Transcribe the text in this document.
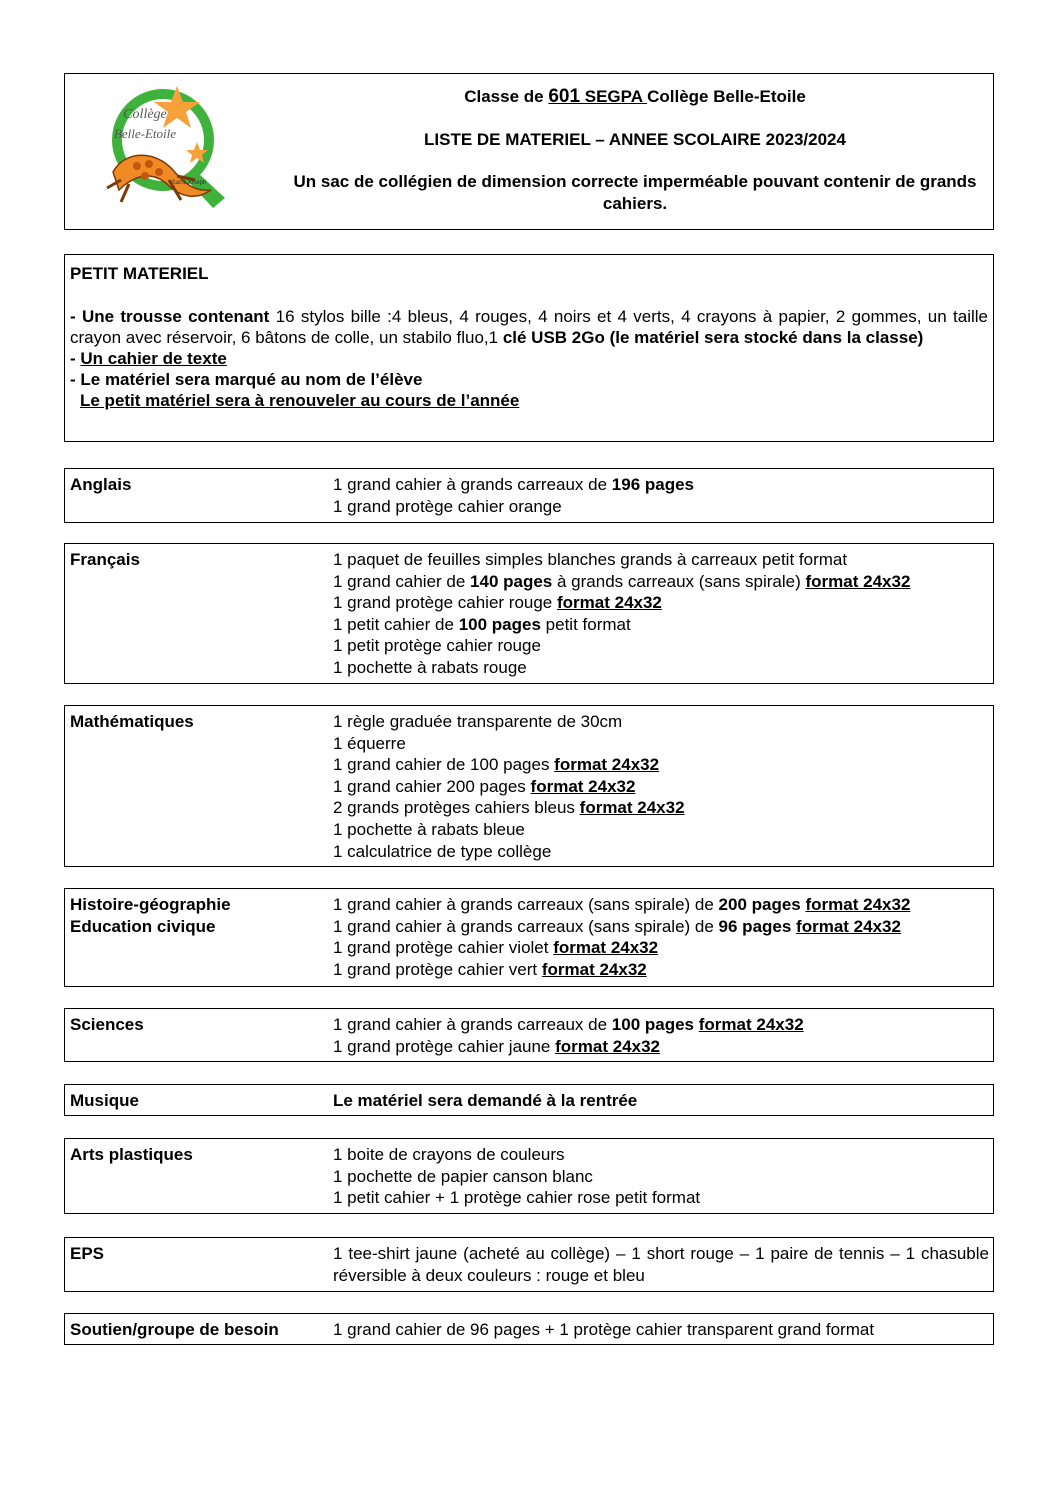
Collège
Belle-Etoile
Saint Joseph
Classe de 601 SEGPA Collège Belle-Etoile
LISTE DE MATERIEL – ANNEE SCOLAIRE 2023/2024
Un sac de collégien de dimension correcte imperméable pouvant contenir de grands cahiers.

PETIT MATERIEL

- Une trousse contenant 16 stylos bille :4 bleus, 4 rouges, 4 noirs et 4 verts, 4 crayons à papier, 2 gommes, un taille crayon avec réservoir, 6 bâtons de colle, un stabilo fluo,1 clé USB 2Go (le matériel sera stocké dans la classe)

- Un cahier de texte

- Le matériel sera marqué au nom de l’élève

Le petit matériel sera à renouveler au cours de l’année

Anglais	1 grand cahier à grands carreaux de 196 pages
1 grand protège cahier orange
Français	1 paquet de feuilles simples blanches grands à carreaux petit format
1 grand cahier de 140 pages à grands carreaux (sans spirale) format 24x32
1 grand protège cahier rouge format 24x32
1 petit cahier de 100 pages petit format
1 petit protège cahier rouge
1 pochette à rabats rouge
Mathématiques	1 règle graduée transparente de 30cm
1 équerre
1 grand cahier de 100 pages format 24x32
1 grand cahier 200 pages format 24x32
2 grands protèges cahiers bleus format 24x32
1 pochette à rabats bleue
1 calculatrice de type collège
Histoire-géographie
Education civique
1 grand cahier à grands carreaux (sans spirale) de 200 pages format 24x32
1 grand cahier à grands carreaux (sans spirale) de 96 pages format 24x32
1 grand protège cahier violet format 24x32
1 grand protège cahier vert format 24x32
Sciences	1 grand cahier à grands carreaux de 100 pages format 24x32
1 grand protège cahier jaune format 24x32
Musique	Le matériel sera demandé à la rentrée
Arts plastiques	1 boite de crayons de couleurs
1 pochette de papier canson blanc
1 petit cahier + 1 protège cahier rose petit format
EPS	1 tee-shirt jaune (acheté au collège) – 1 short rouge – 1 paire de tennis – 1 chasuble réversible à deux couleurs : rouge et bleu
Soutien/groupe de besoin	1 grand cahier de 96 pages + 1 protège cahier transparent grand format
